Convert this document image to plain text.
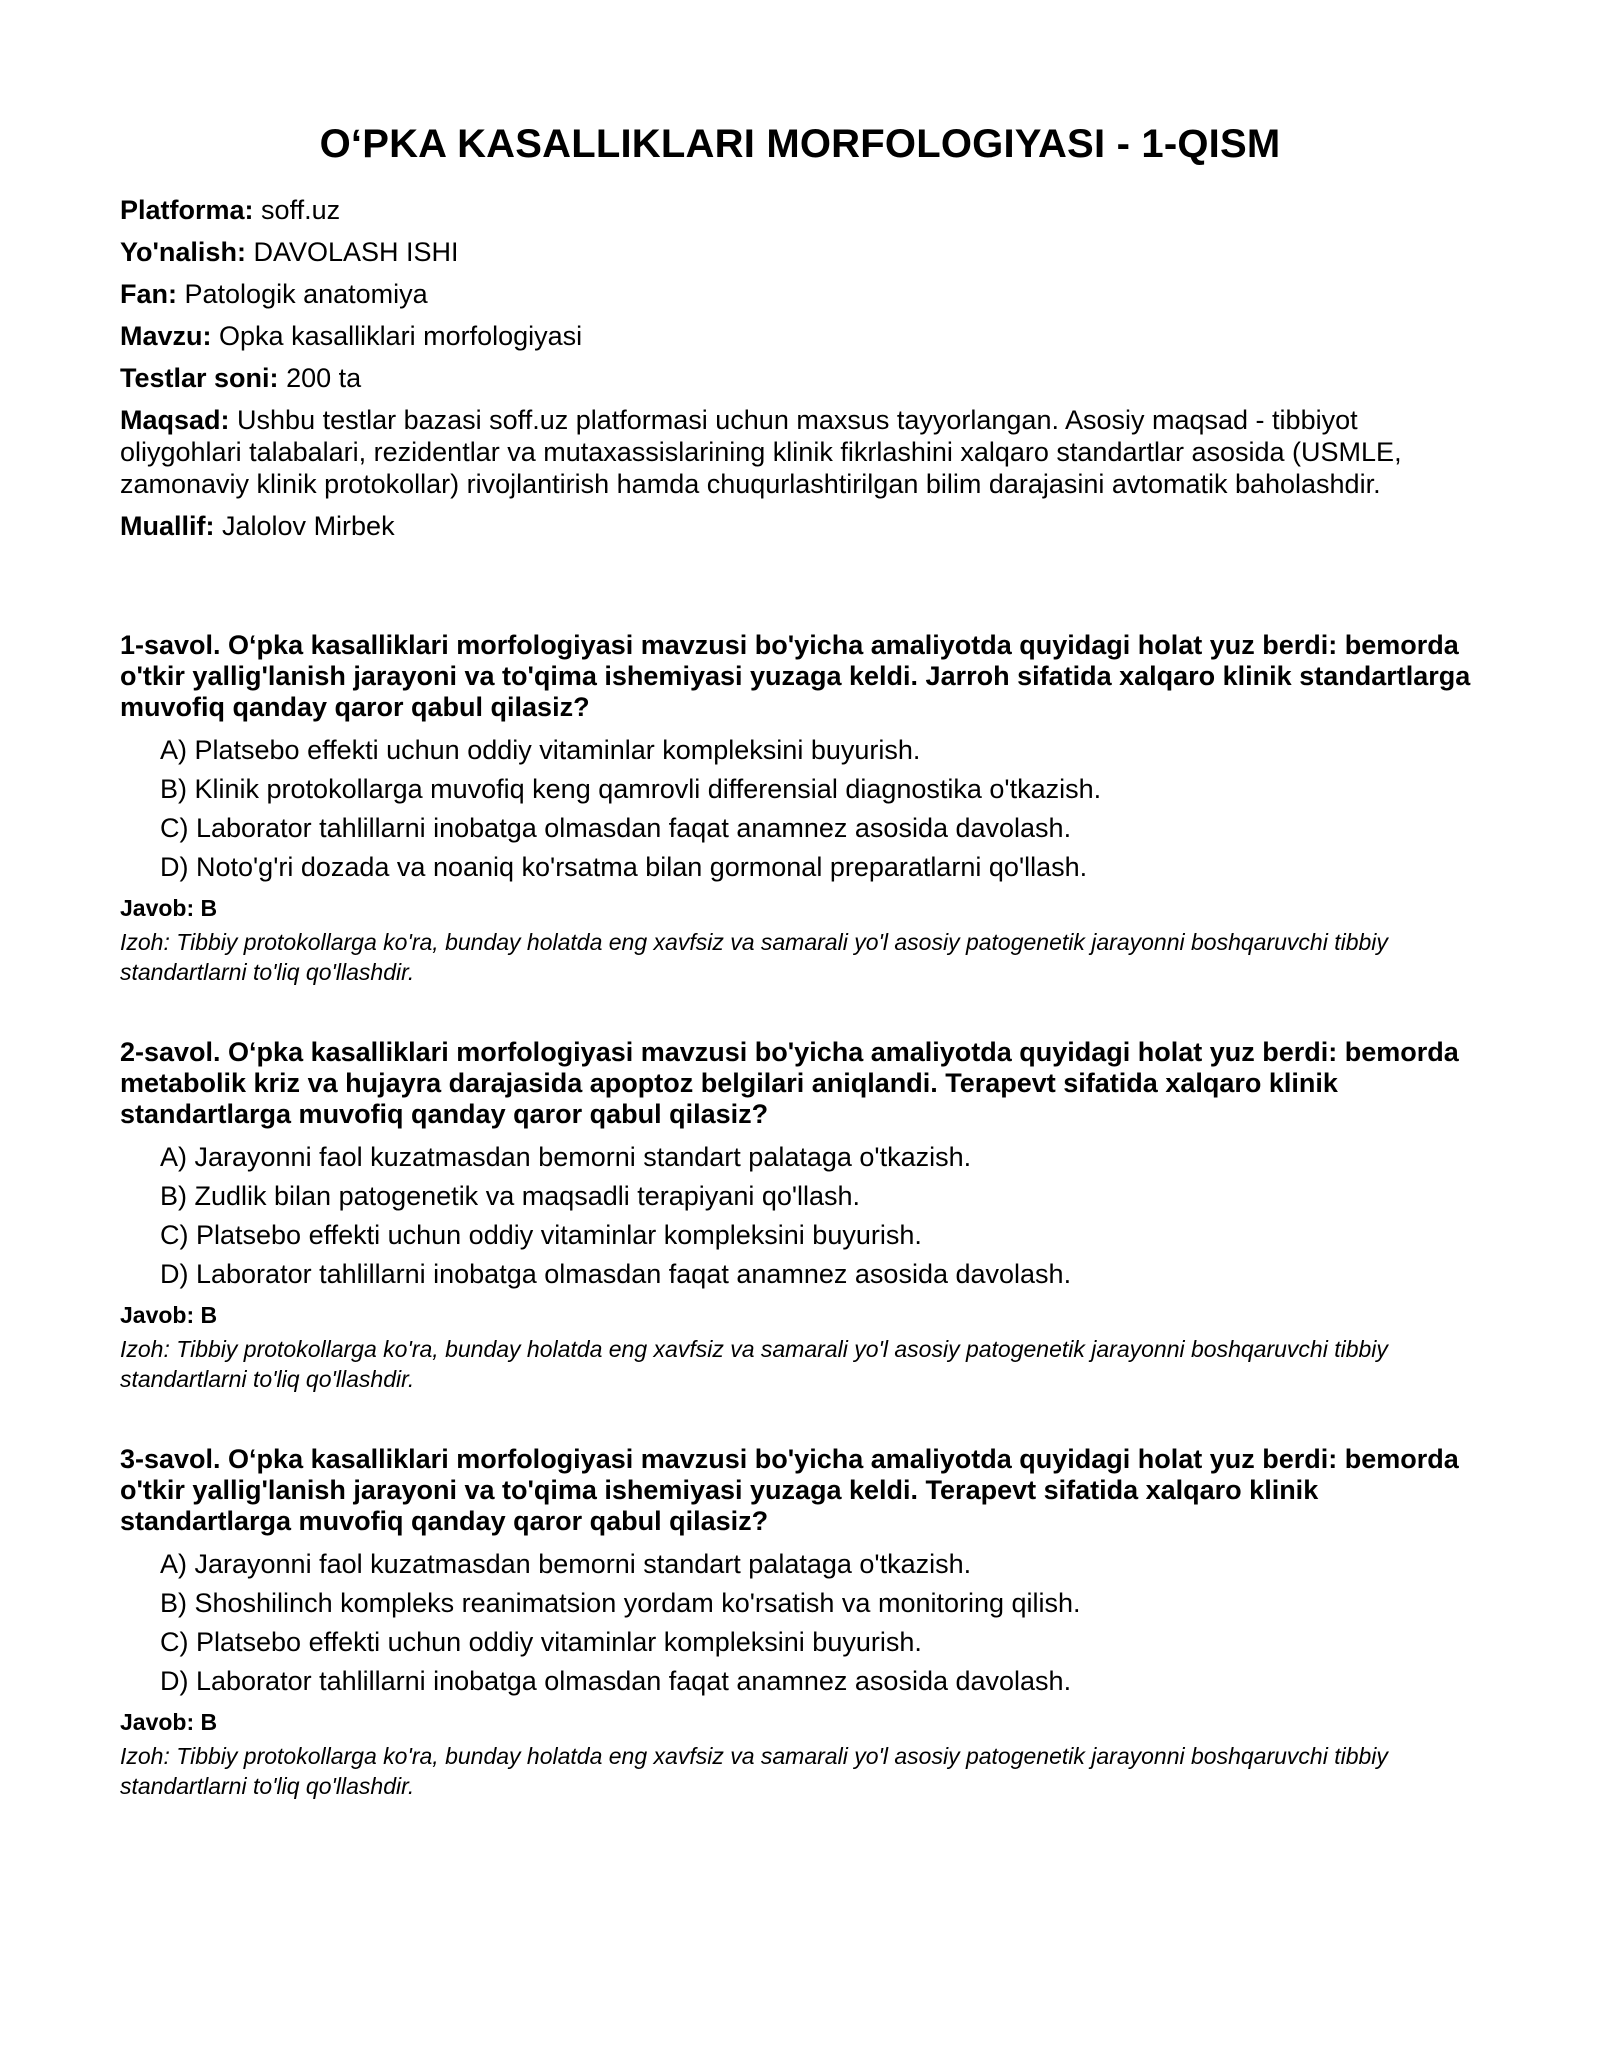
O‘PKA KASALLIKLARI MORFOLOGIYASI - 1-QISM

Platforma: soff.uz

Yo'nalish: DAVOLASH ISHI

Fan: Patologik anatomiya

Mavzu: Opka kasalliklari morfologiyasi

Testlar soni: 200 ta

Maqsad: Ushbu testlar bazasi soff.uz platformasi uchun maxsus tayyorlangan. Asosiy maqsad - tibbiyot oliygohlari talabalari, rezidentlar va mutaxassislarining klinik fikrlashini xalqaro standartlar asosida (USMLE, zamonaviy klinik protokollar) rivojlantirish hamda chuqurlashtirilgan bilim darajasini avtomatik baholashdir.

Muallif: Jalolov Mirbek

1-savol. O‘pka kasalliklari morfologiyasi mavzusi bo'yicha amaliyotda quyidagi holat yuz berdi: bemorda o'tkir yallig'lanish jarayoni va to'qima ishemiyasi yuzaga keldi. Jarroh sifatida xalqaro klinik standartlarga muvofiq qanday qaror qabul qilasiz?

A) Platsebo effekti uchun oddiy vitaminlar kompleksini buyurish.

B) Klinik protokollarga muvofiq keng qamrovli differensial diagnostika o'tkazish.

C) Laborator tahlillarni inobatga olmasdan faqat anamnez asosida davolash.

D) Noto'g'ri dozada va noaniq ko'rsatma bilan gormonal preparatlarni qo'llash.

Javob: B

Izoh: Tibbiy protokollarga ko'ra, bunday holatda eng xavfsiz va samarali yo'l asosiy patogenetik jarayonni boshqaruvchi tibbiy standartlarni to'liq qo'llashdir.

2-savol. O‘pka kasalliklari morfologiyasi mavzusi bo'yicha amaliyotda quyidagi holat yuz berdi: bemorda metabolik kriz va hujayra darajasida apoptoz belgilari aniqlandi. Terapevt sifatida xalqaro klinik standartlarga muvofiq qanday qaror qabul qilasiz?

A) Jarayonni faol kuzatmasdan bemorni standart palataga o'tkazish.

B) Zudlik bilan patogenetik va maqsadli terapiyani qo'llash.

C) Platsebo effekti uchun oddiy vitaminlar kompleksini buyurish.

D) Laborator tahlillarni inobatga olmasdan faqat anamnez asosida davolash.

Javob: B

Izoh: Tibbiy protokollarga ko'ra, bunday holatda eng xavfsiz va samarali yo'l asosiy patogenetik jarayonni boshqaruvchi tibbiy standartlarni to'liq qo'llashdir.

3-savol. O‘pka kasalliklari morfologiyasi mavzusi bo'yicha amaliyotda quyidagi holat yuz berdi: bemorda o'tkir yallig'lanish jarayoni va to'qima ishemiyasi yuzaga keldi. Terapevt sifatida xalqaro klinik standartlarga muvofiq qanday qaror qabul qilasiz?

A) Jarayonni faol kuzatmasdan bemorni standart palataga o'tkazish.

B) Shoshilinch kompleks reanimatsion yordam ko'rsatish va monitoring qilish.

C) Platsebo effekti uchun oddiy vitaminlar kompleksini buyurish.

D) Laborator tahlillarni inobatga olmasdan faqat anamnez asosida davolash.

Javob: B

Izoh: Tibbiy protokollarga ko'ra, bunday holatda eng xavfsiz va samarali yo'l asosiy patogenetik jarayonni boshqaruvchi tibbiy standartlarni to'liq qo'llashdir.
